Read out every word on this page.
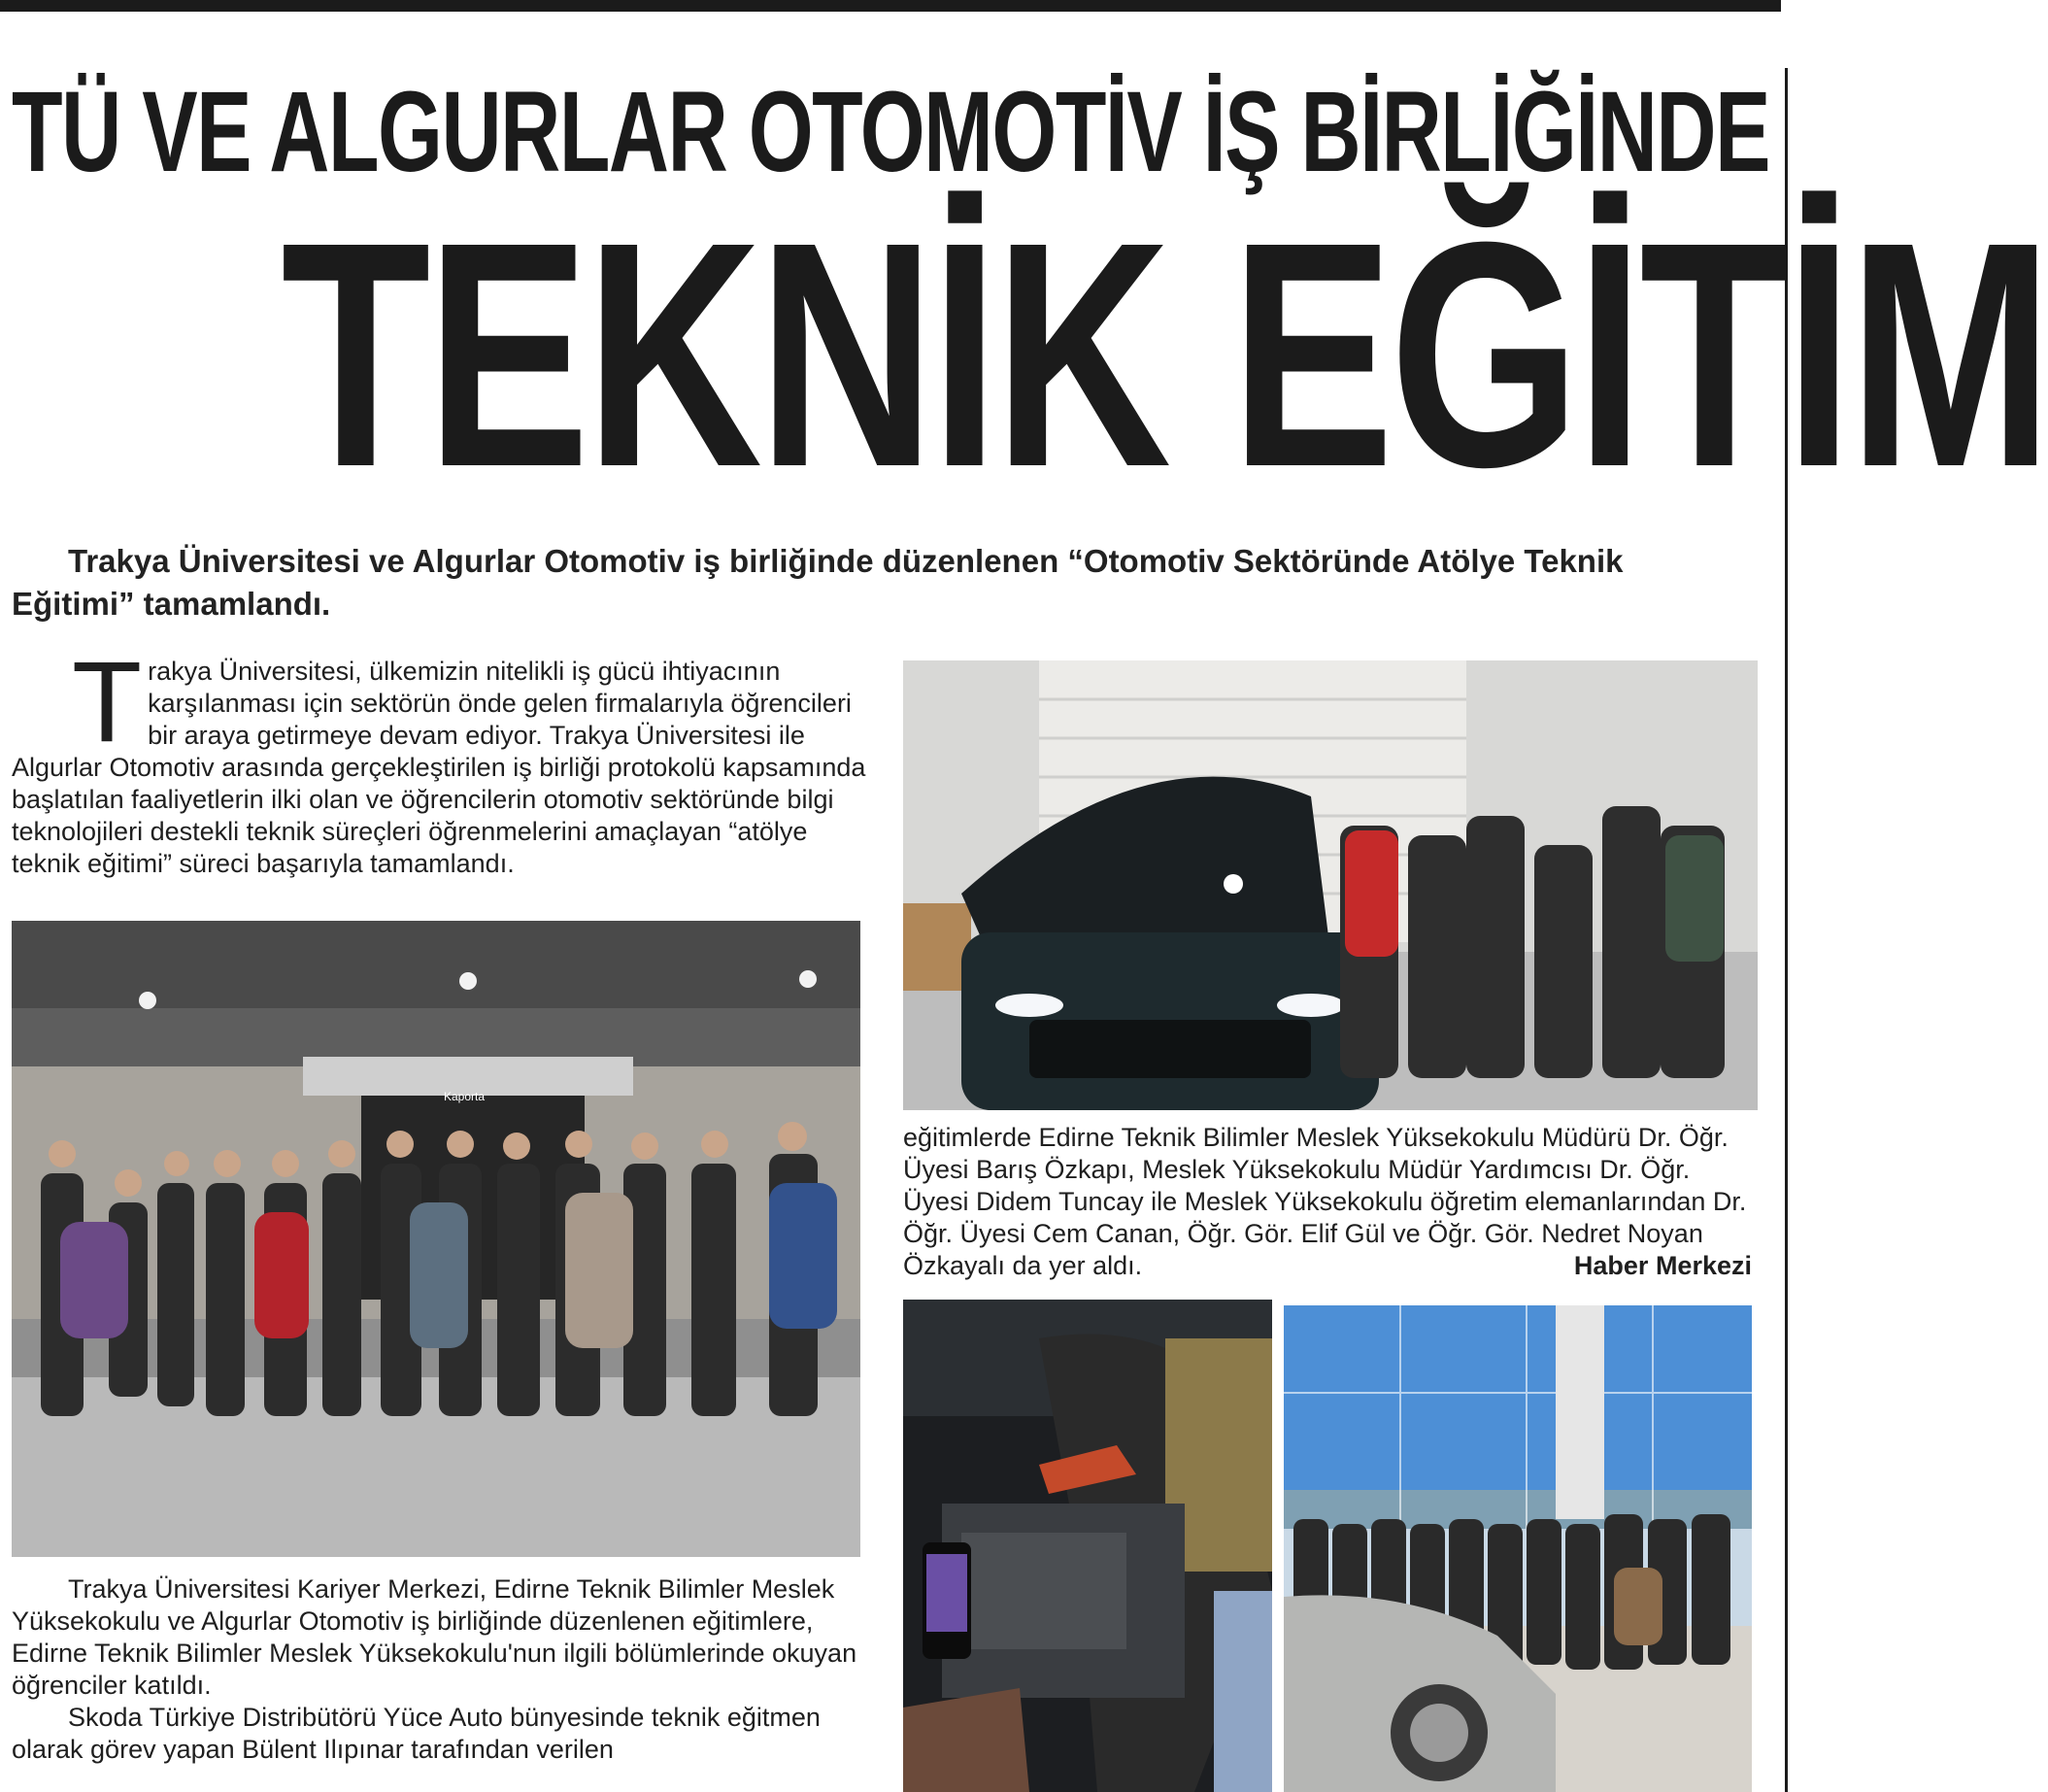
TÜ VE ALGURLAR OTOMOTİV İŞ BİRLİĞİNDE
TEKNİK EĞİTİM

Trakya Üniversitesi ve Algurlar Otomotiv iş birliğinde düzenlenen “Otomotiv Sektöründe Atölye Teknik Eğitimi” tamamlandı.

T rakya Üniversitesi, ülkemizin nitelikli iş gücü ihtiyacının karşılanması için sektörün önde gelen firmalarıyla öğrencileri bir araya getirmeye devam ediyor. Trakya Üniversitesi ile Algurlar Otomotiv arasında gerçekleştirilen iş birliği protokolü kapsamında başlatılan faaliyetlerin ilki olan ve öğrencilerin otomotiv sektöründe bilgi teknolojileri destekli teknik süreçleri öğrenmelerini amaçlayan “atölye teknik eğitimi” süreci başarıyla tamamlandı.
Kaporta
Trakya Üniversitesi Kariyer Merkezi, Edirne Teknik Bilimler Meslek Yüksekokulu ve Algurlar Otomotiv iş birliğinde düzenlenen eğitimlere, Edirne Teknik Bilimler Meslek Yüksekokulu'nun ilgili bölümlerinde okuyan öğrenciler katıldı.
Skoda Türkiye Distribütörü Yüce Auto bünyesinde teknik eğitmen olarak görev yapan Bülent Ilıpınar tarafından verilen
eğitimlerde Edirne Teknik Bilimler Meslek Yüksekokulu Müdürü Dr. Öğr. Üyesi Barış Özkapı, Meslek Yüksekokulu Müdür Yardımcısı Dr. Öğr. Üyesi Didem Tuncay ile Meslek Yüksekokulu öğretim elemanlarından Dr. Öğr. Üyesi Cem Canan, Öğr. Gör. Elif Gül ve Öğr. Gör. Nedret Noyan Özkayalı da yer aldı.	Haber Merkezi
